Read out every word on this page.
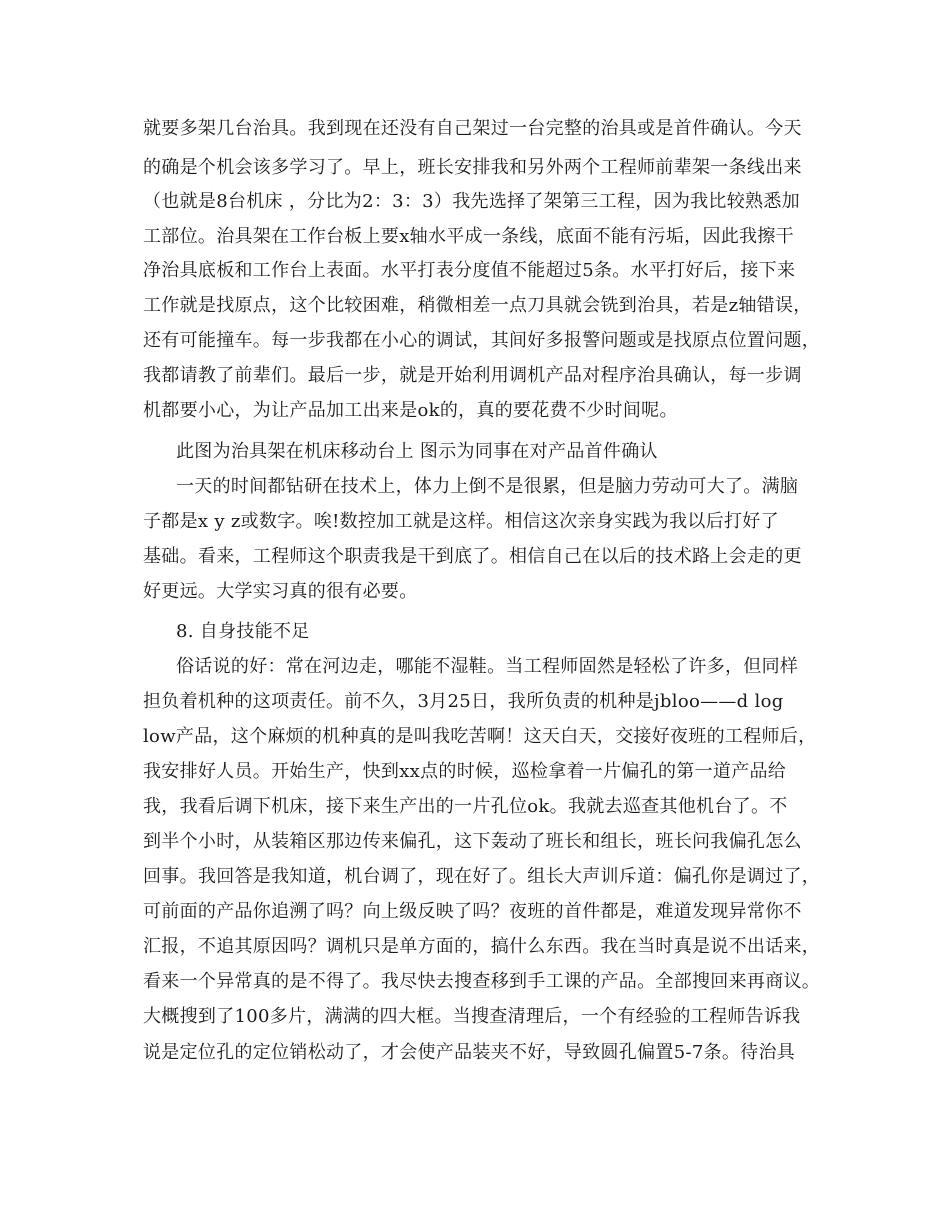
就要多架几台治具。我到现在还没有自己架过一台完整的治具或是首件确认。今天
的确是个机会该多学习了。早上，班长安排我和另外两个工程师前辈架一条线出来
（也就是8台机床 ，分比为2：3：3）我先选择了架第三工程，因为我比较熟悉加
工部位。治具架在工作台板上要x轴水平成一条线，底面不能有污垢，因此我擦干
净治具底板和工作台上表面。水平打表分度值不能超过5条。水平打好后，接下来
工作就是找原点，这个比较困难，稍微相差一点刀具就会铣到治具，若是z轴错误，
还有可能撞车。每一步我都在小心的调试，其间好多报警问题或是找原点位置问题，
我都请教了前辈们。最后一步，就是开始利用调机产品对程序治具确认，每一步调
机都要小心，为让产品加工出来是ok的，真的要花费不少时间呢。
此图为治具架在机床移动台上 图示为同事在对产品首件确认
一天的时间都钻研在技术上，体力上倒不是很累，但是脑力劳动可大了。满脑
子都是x y z或数字。唉!数控加工就是这样。相信这次亲身实践为我以后打好了
基础。看来，工程师这个职责我是干到底了。相信自己在以后的技术路上会走的更
好更远。大学实习真的很有必要。
8. 自身技能不足
俗话说的好：常在河边走，哪能不湿鞋。当工程师固然是轻松了许多，但同样
担负着机种的这项责任。前不久，3月25日，我所负责的机种是jbloo——d log
low产品，这个麻烦的机种真的是叫我吃苦啊！这天白天，交接好夜班的工程师后，
我安排好人员。开始生产，快到xx点的时候，巡检拿着一片偏孔的第一道产品给
我，我看后调下机床，接下来生产出的一片孔位ok。我就去巡查其他机台了。不
到半个小时，从装箱区那边传来偏孔，这下轰动了班长和组长，班长问我偏孔怎么
回事。我回答是我知道，机台调了，现在好了。组长大声训斥道：偏孔你是调过了，
可前面的产品你追溯了吗？向上级反映了吗？夜班的首件都是，难道发现异常你不
汇报，不追其原因吗？调机只是单方面的，搞什么东西。我在当时真是说不出话来，
看来一个异常真的是不得了。我尽快去搜查移到手工课的产品。全部搜回来再商议。
大概搜到了100多片，满满的四大框。当搜查清理后，一个有经验的工程师告诉我
说是定位孔的定位销松动了，才会使产品装夹不好，导致圆孔偏置5-7条。待治具
